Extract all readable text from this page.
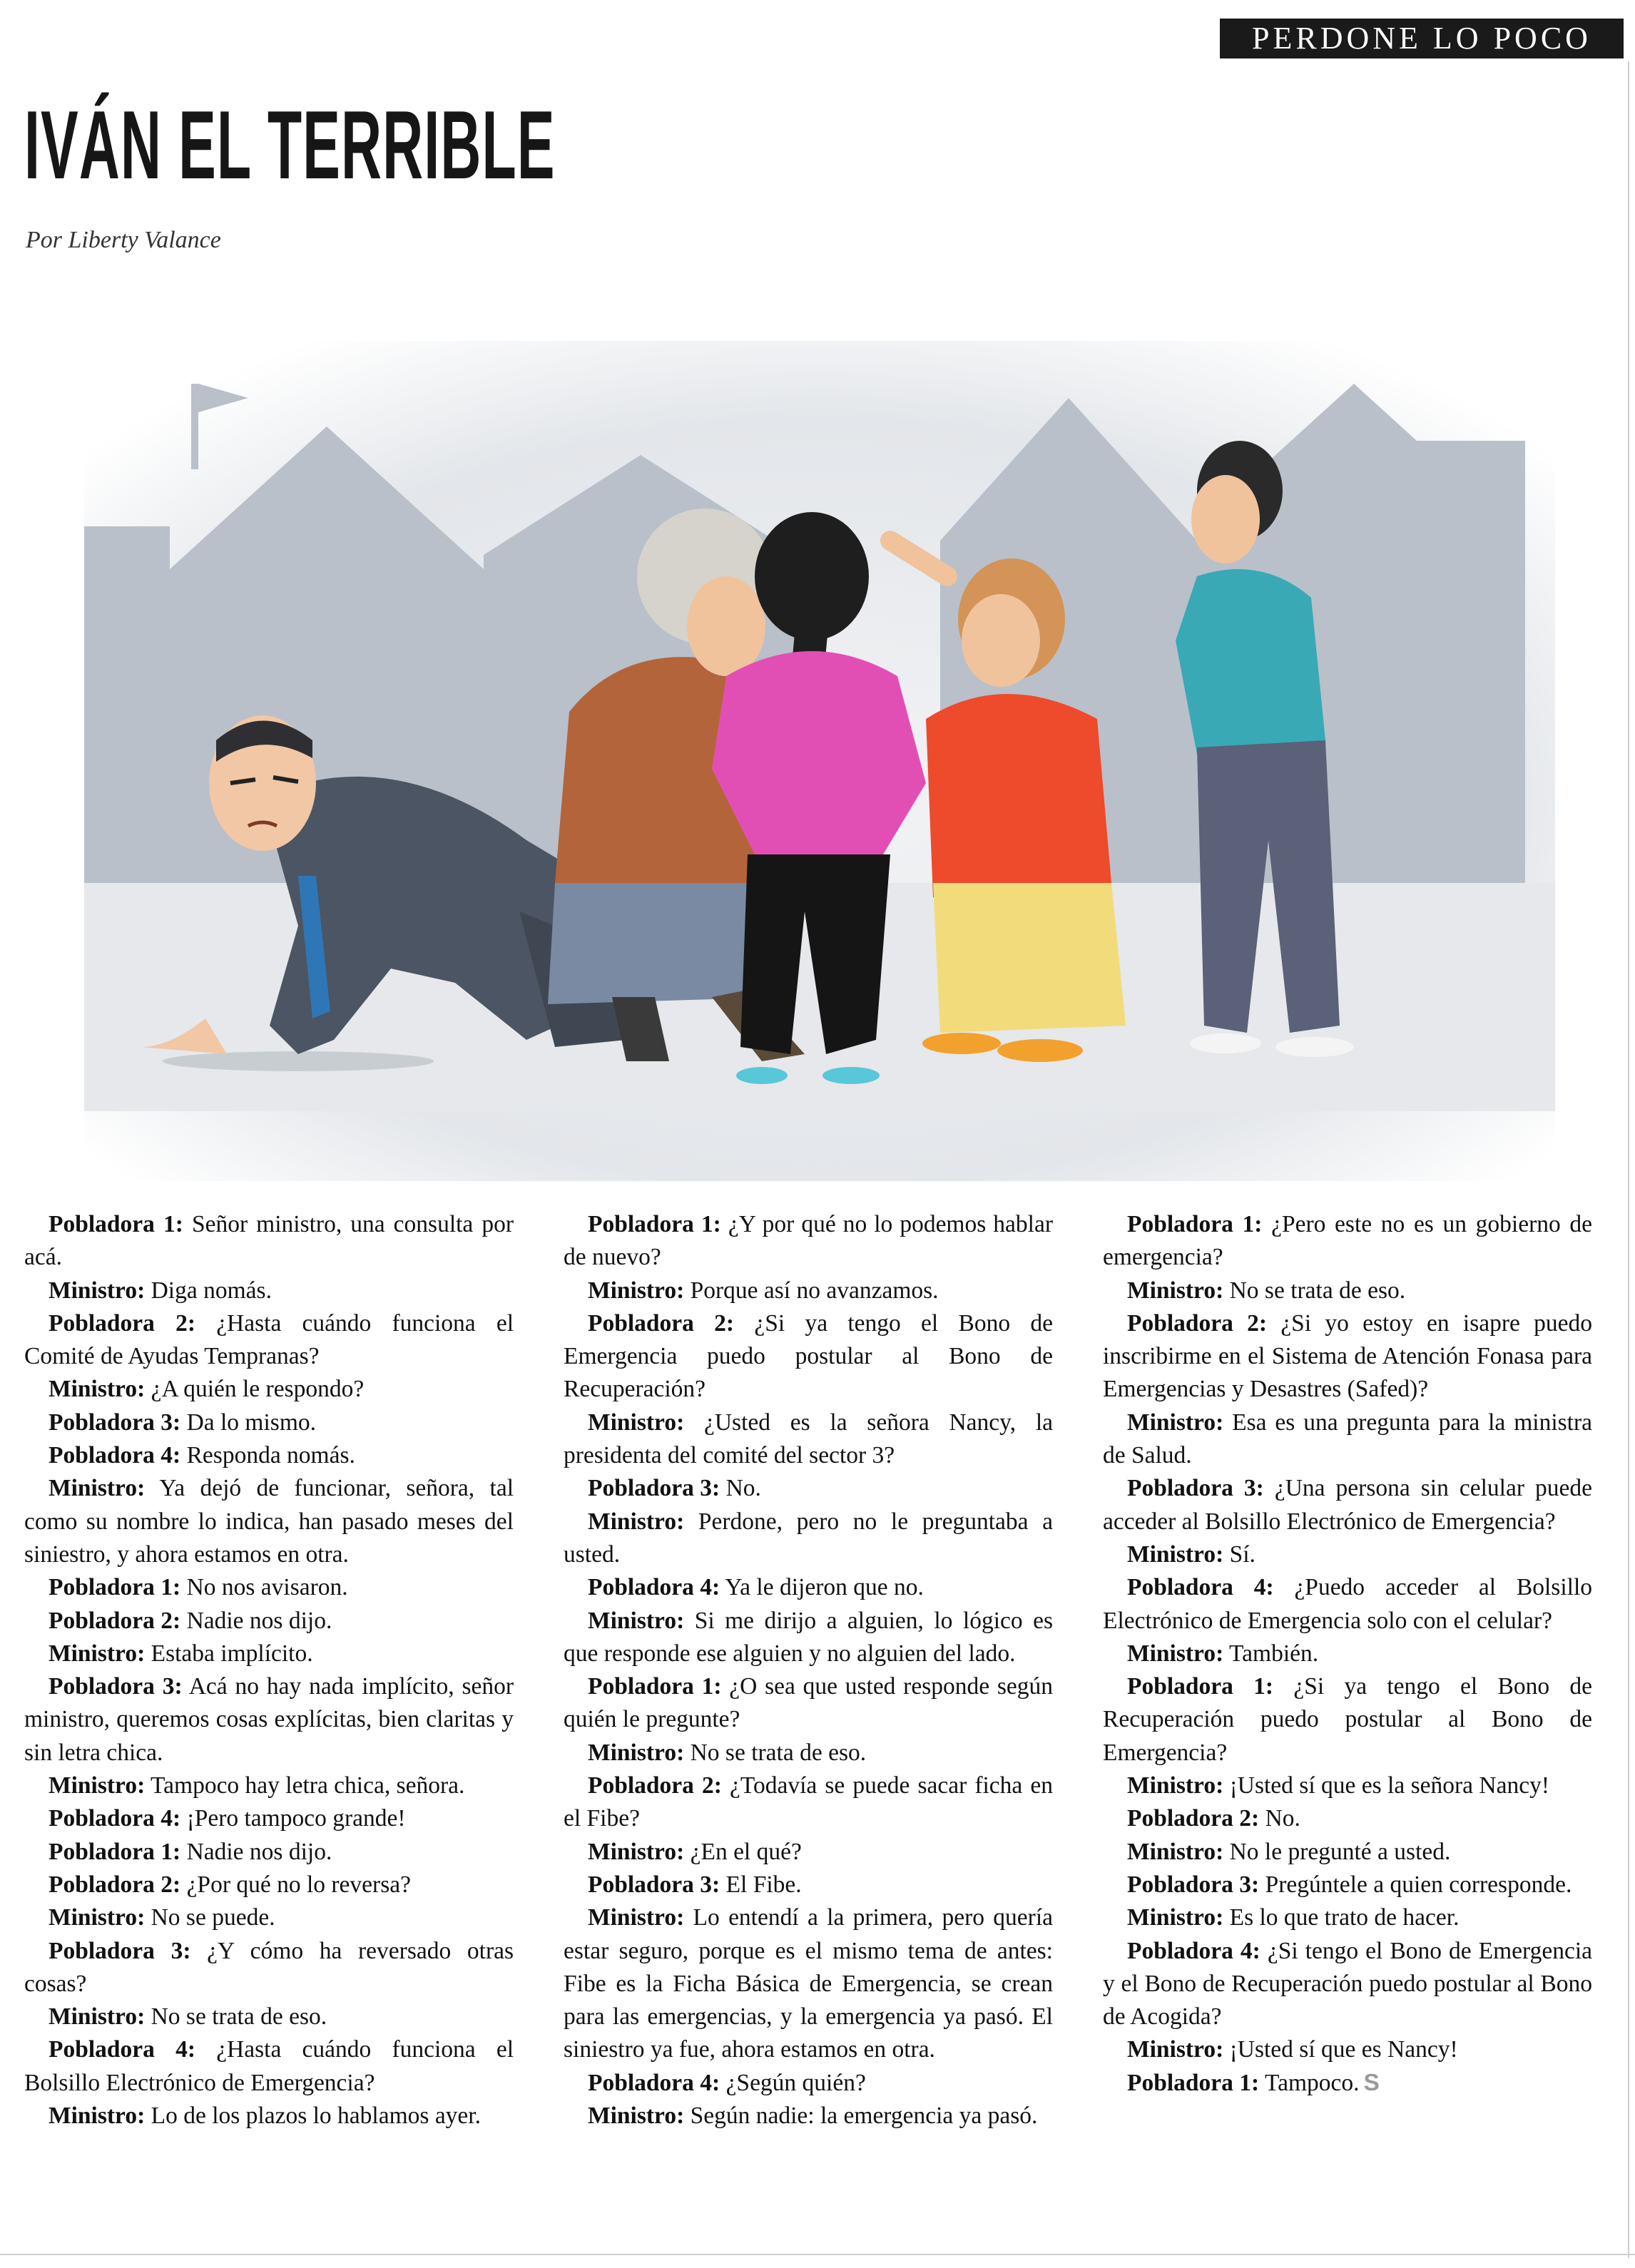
PERDONE LO POCO
IVÁN EL TERRIBLE
Por Liberty Valance

Pobladora 1: Señor ministro, una consulta por acá.

Ministro: Diga nomás.

Pobladora 2: ¿Hasta cuándo funciona el Comité de Ayudas Tempranas?

Ministro: ¿A quién le respondo?

Pobladora 3: Da lo mismo.

Pobladora 4: Responda nomás.

Ministro: Ya dejó de funcionar, señora, tal como su nombre lo indica, han pasado meses del siniestro, y ahora estamos en otra.

Pobladora 1: No nos avisaron.

Pobladora 2: Nadie nos dijo.

Ministro: Estaba implícito.

Pobladora 3: Acá no hay nada implícito, señor ministro, queremos cosas explícitas, bien claritas y sin letra chica.

Ministro: Tampoco hay letra chica, señora.

Pobladora 4: ¡Pero tampoco grande!

Pobladora 1: Nadie nos dijo.

Pobladora 2: ¿Por qué no lo reversa?

Ministro: No se puede.

Pobladora 3: ¿Y cómo ha reversado otras cosas?

Ministro: No se trata de eso.

Pobladora 4: ¿Hasta cuándo funciona el Bolsillo Electrónico de Emergencia?

Ministro: Lo de los plazos lo hablamos ayer.

Pobladora 1: ¿Y por qué no lo podemos hablar de nuevo?

Ministro: Porque así no avanzamos.

Pobladora 2: ¿Si ya tengo el Bono de Emergencia puedo postular al Bono de Recuperación?

Ministro: ¿Usted es la señora Nancy, la presidenta del comité del sector 3?

Pobladora 3: No.

Ministro: Perdone, pero no le preguntaba a usted.

Pobladora 4: Ya le dijeron que no.

Ministro: Si me dirijo a alguien, lo lógico es que responde ese alguien y no alguien del lado.

Pobladora 1: ¿O sea que usted responde según quién le pregunte?

Ministro: No se trata de eso.

Pobladora 2: ¿Todavía se puede sacar ficha en el Fibe?

Ministro: ¿En el qué?

Pobladora 3: El Fibe.

Ministro: Lo entendí a la primera, pero quería estar seguro, porque es el mismo tema de antes: Fibe es la Ficha Básica de Emergencia, se crean para las emergencias, y la emergencia ya pasó. El siniestro ya fue, ahora estamos en otra.

Pobladora 4: ¿Según quién?

Ministro: Según nadie: la emergencia ya pasó.

Pobladora 1: ¿Pero este no es un gobierno de emergencia?

Ministro: No se trata de eso.

Pobladora 2: ¿Si yo estoy en isapre puedo inscribirme en el Sistema de Atención Fonasa para Emergencias y Desastres (Safed)?

Ministro: Esa es una pregunta para la ministra de Salud.

Pobladora 3: ¿Una persona sin celular puede acceder al Bolsillo Electrónico de Emergencia?

Ministro: Sí.

Pobladora 4: ¿Puedo acceder al Bolsillo Electrónico de Emergencia solo con el celular?

Ministro: También.

Pobladora 1: ¿Si ya tengo el Bono de Recuperación puedo postular al Bono de Emergencia?

Ministro: ¡Usted sí que es la señora Nancy!

Pobladora 2: No.

Ministro: No le pregunté a usted.

Pobladora 3: Pregúntele a quien corresponde.

Ministro: Es lo que trato de hacer.

Pobladora 4: ¿Si tengo el Bono de Emergencia y el Bono de Recuperación puedo postular al Bono de Acogida?

Ministro: ¡Usted sí que es Nancy!

Pobladora 1: Tampoco. S
